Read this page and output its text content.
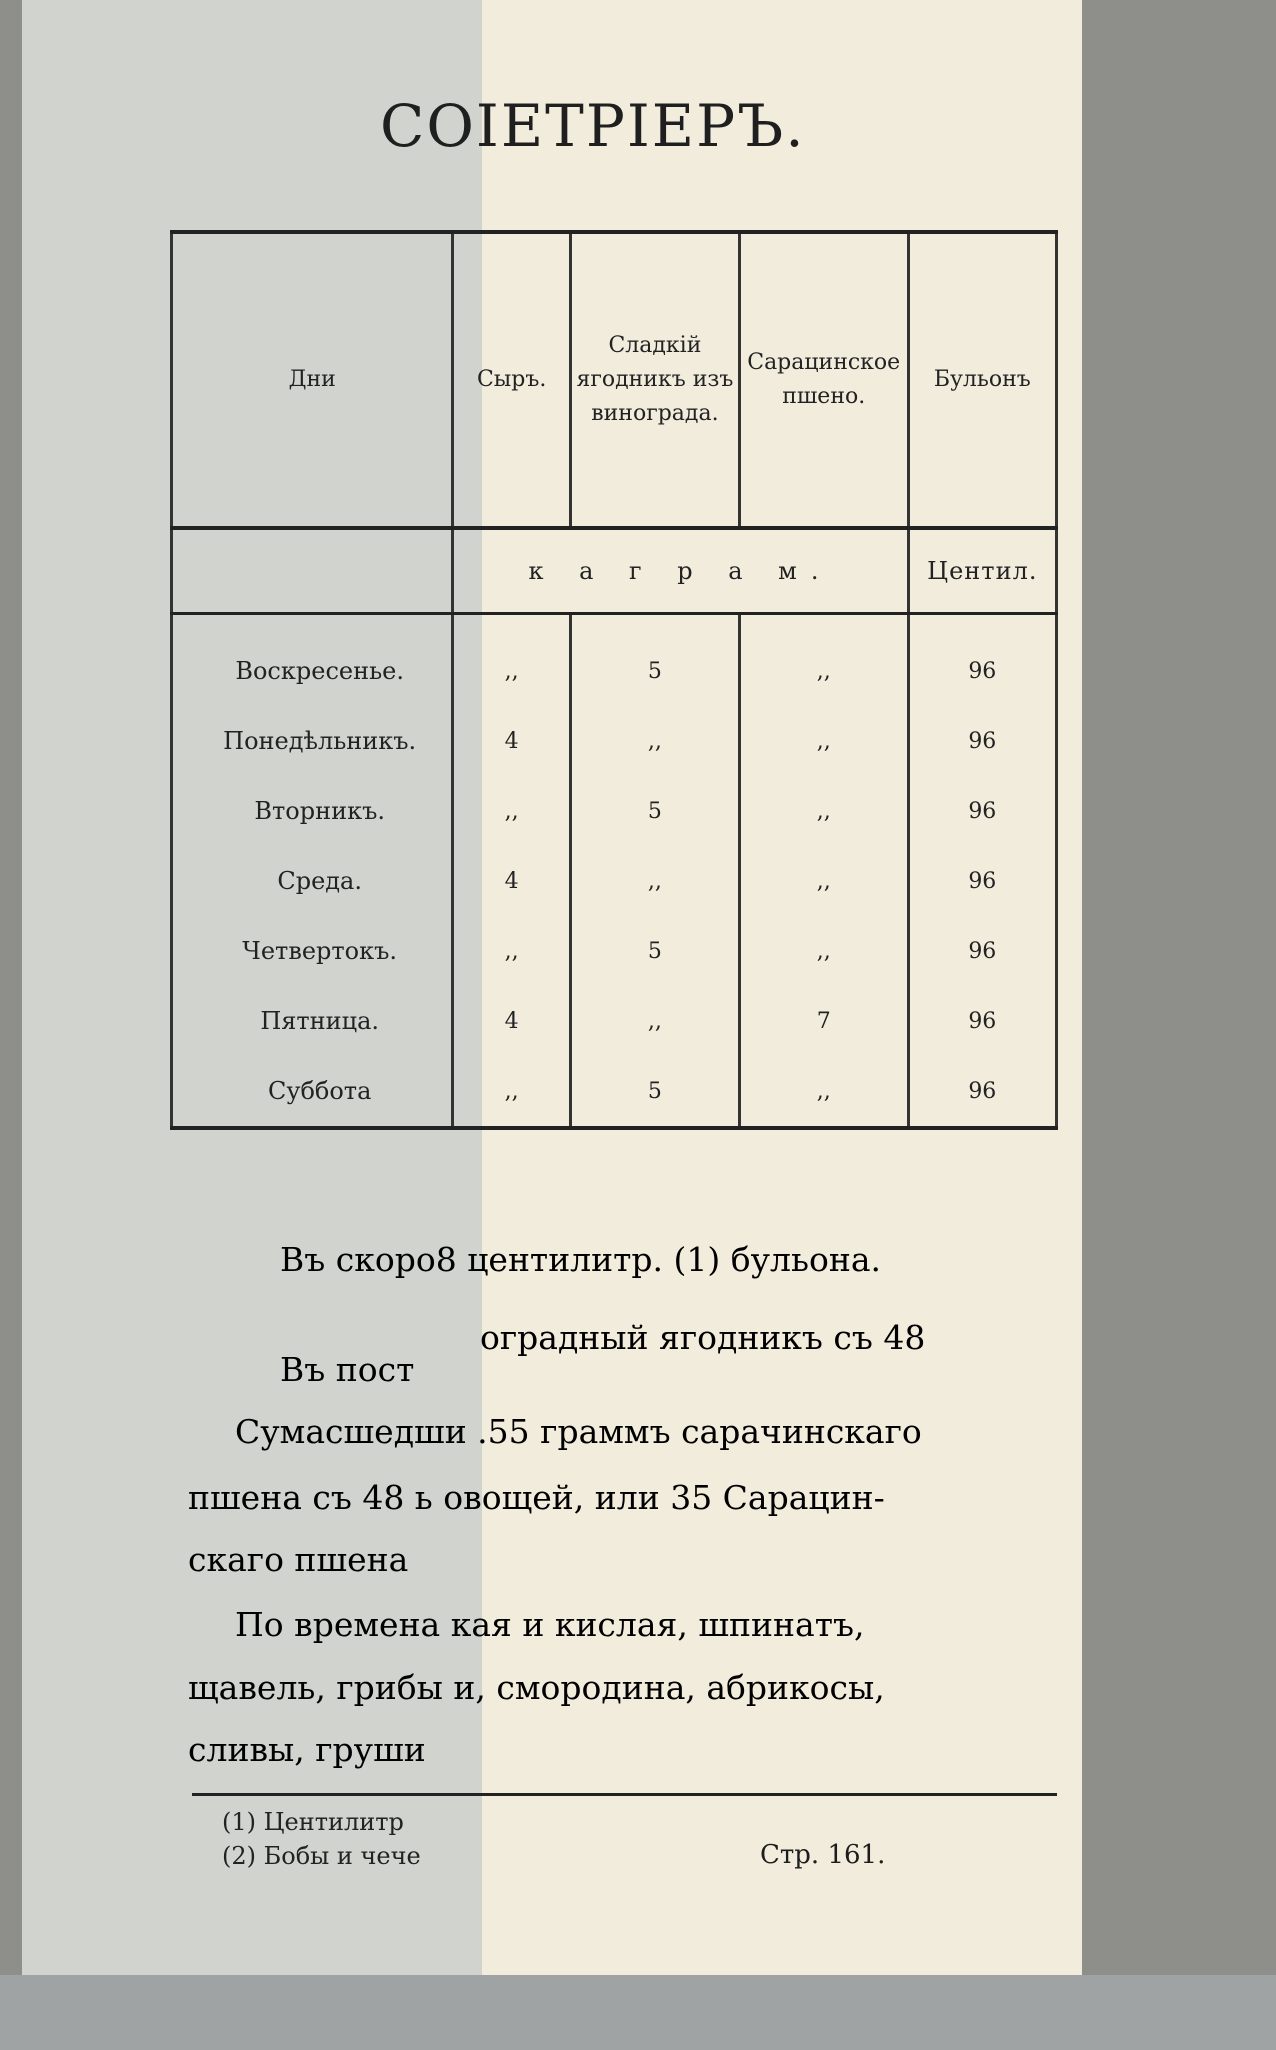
СОIЕТРIЕРЪ.
Дни	Сыръ.	Сладкій ягодникъ изъ винограда.	Сарацинское пшено.	Бульонъ
	к а г р а м.			Центил.
Воскресенье.	,,	5	,,	96
Понедѣльникъ.	4	,,	,,	96
Вторникъ.	,,	5	,,	96
Среда.	4	,,	,,	96
Четвертокъ.	,,	5	,,	96
Пятница.	4	,,	7	96
Суббота	,,	5	,,	96
Въ скоро8 центилитр. (1) бульона.
оградный ягодникъ съ 48
Въ пост
Сумасшедши .55 граммъ сарачинскаго
пшена съ 48 ь овощей, или 35 Сарацин-
скаго пшена
По времена кая и кислая, шпинатъ,
щавель, грибы и, смородина, абрикосы,
сливы, груши
(1) Центилитр
(2) Бобы и чече	Стр. 161.
